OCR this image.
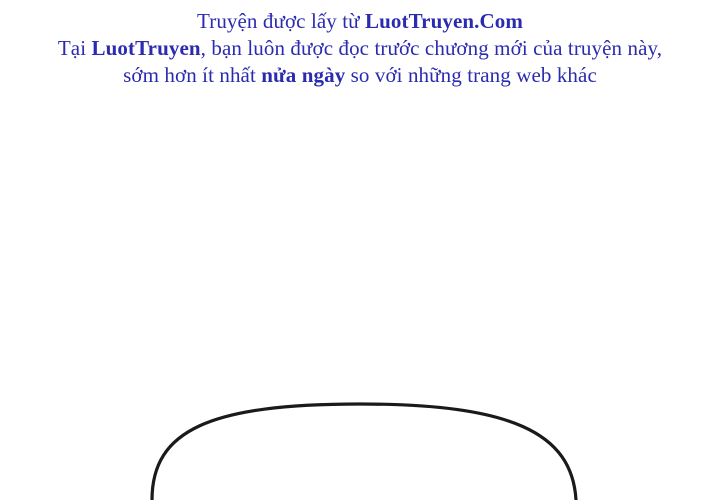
Truyện được lấy từ LuotTruyen.Com
Tại LuotTruyen, bạn luôn được đọc trước chương mới của truyện này,
sớm hơn ít nhất nửa ngày so với những trang web khác
